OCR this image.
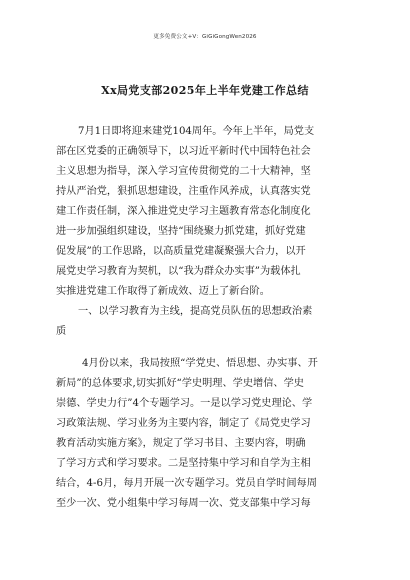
更多免费公文+V：GiGiGongWen2026
Xx局党支部2025年上半年党建工作总结
7月1日即将迎来建党104周年。今年上半年，局党支
部在区党委的正确领导下，以习近平新时代中国特色社会
主义思想为指导，深入学习宣传贯彻党的二十大精神，坚
持从严治党，狠抓思想建设，注重作风养成，认真落实党
建工作责任制，深入推进党史学习主题教育常态化制度化
进一步加强组织建设，坚持“围绕聚力抓党建，抓好党建
促发展”的工作思路，以高质量党建凝聚强大合力，以开
展党史学习教育为契机，以“我为群众办实事”为载体扎
实推进党建工作取得了新成效、迈上了新台阶。
一、以学习教育为主线，提高党员队伍的思想政治素
质
4月份以来，我局按照“学党史、悟思想、办实事、开
新局”的总体要求,切实抓好“学史明理、学史增信、学史
崇德、学史力行”4个专题学习。一是以学习党史理论、学
习政策法规、学习业务为主要内容，制定了《局党史学习
教育活动实施方案》，规定了学习书目、主要内容，明确
了学习方式和学习要求。二是坚持集中学习和自学为主相
结合，4-6月，每月开展一次专题学习。党员自学时间每周
至少一次、党小组集中学习每周一次、党支部集中学习每
